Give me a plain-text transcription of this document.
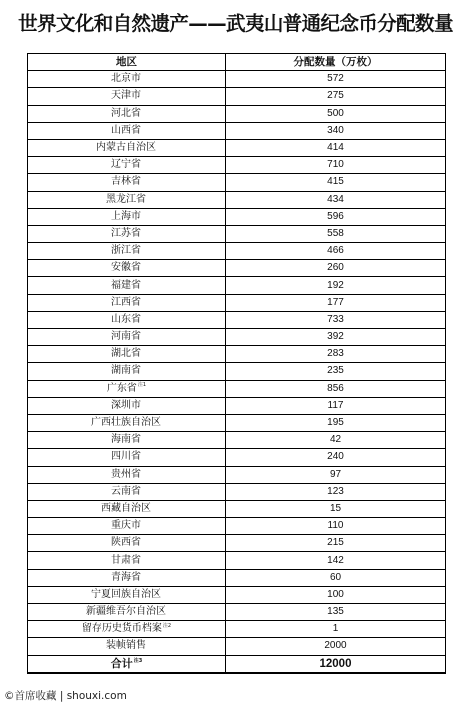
世界文化和自然遗产——武夷山普通纪念币分配数量
地区	分配数量（万枚）
北京市	572
天津市	275
河北省	500
山西省	340
内蒙古自治区	414
辽宁省	710
吉林省	415
黑龙江省	434
上海市	596
江苏省	558
浙江省	466
安徽省	260
福建省	192
江西省	177
山东省	733
河南省	392
湖北省	283
湖南省	235
广东省$^{注1}$	856
深圳市	117
广西壮族自治区	195
海南省	42
四川省	240
贵州省	97
云南省	123
西藏自治区	15
重庆市	110
陕西省	215
甘肃省	142
青海省	60
宁夏回族自治区	100
新疆维吾尔自治区	135
留存历史货币档案$^{注2}$	1
装帧销售	2000
合计$^{注3}$	12000
©首席收藏 | shouxi.com
